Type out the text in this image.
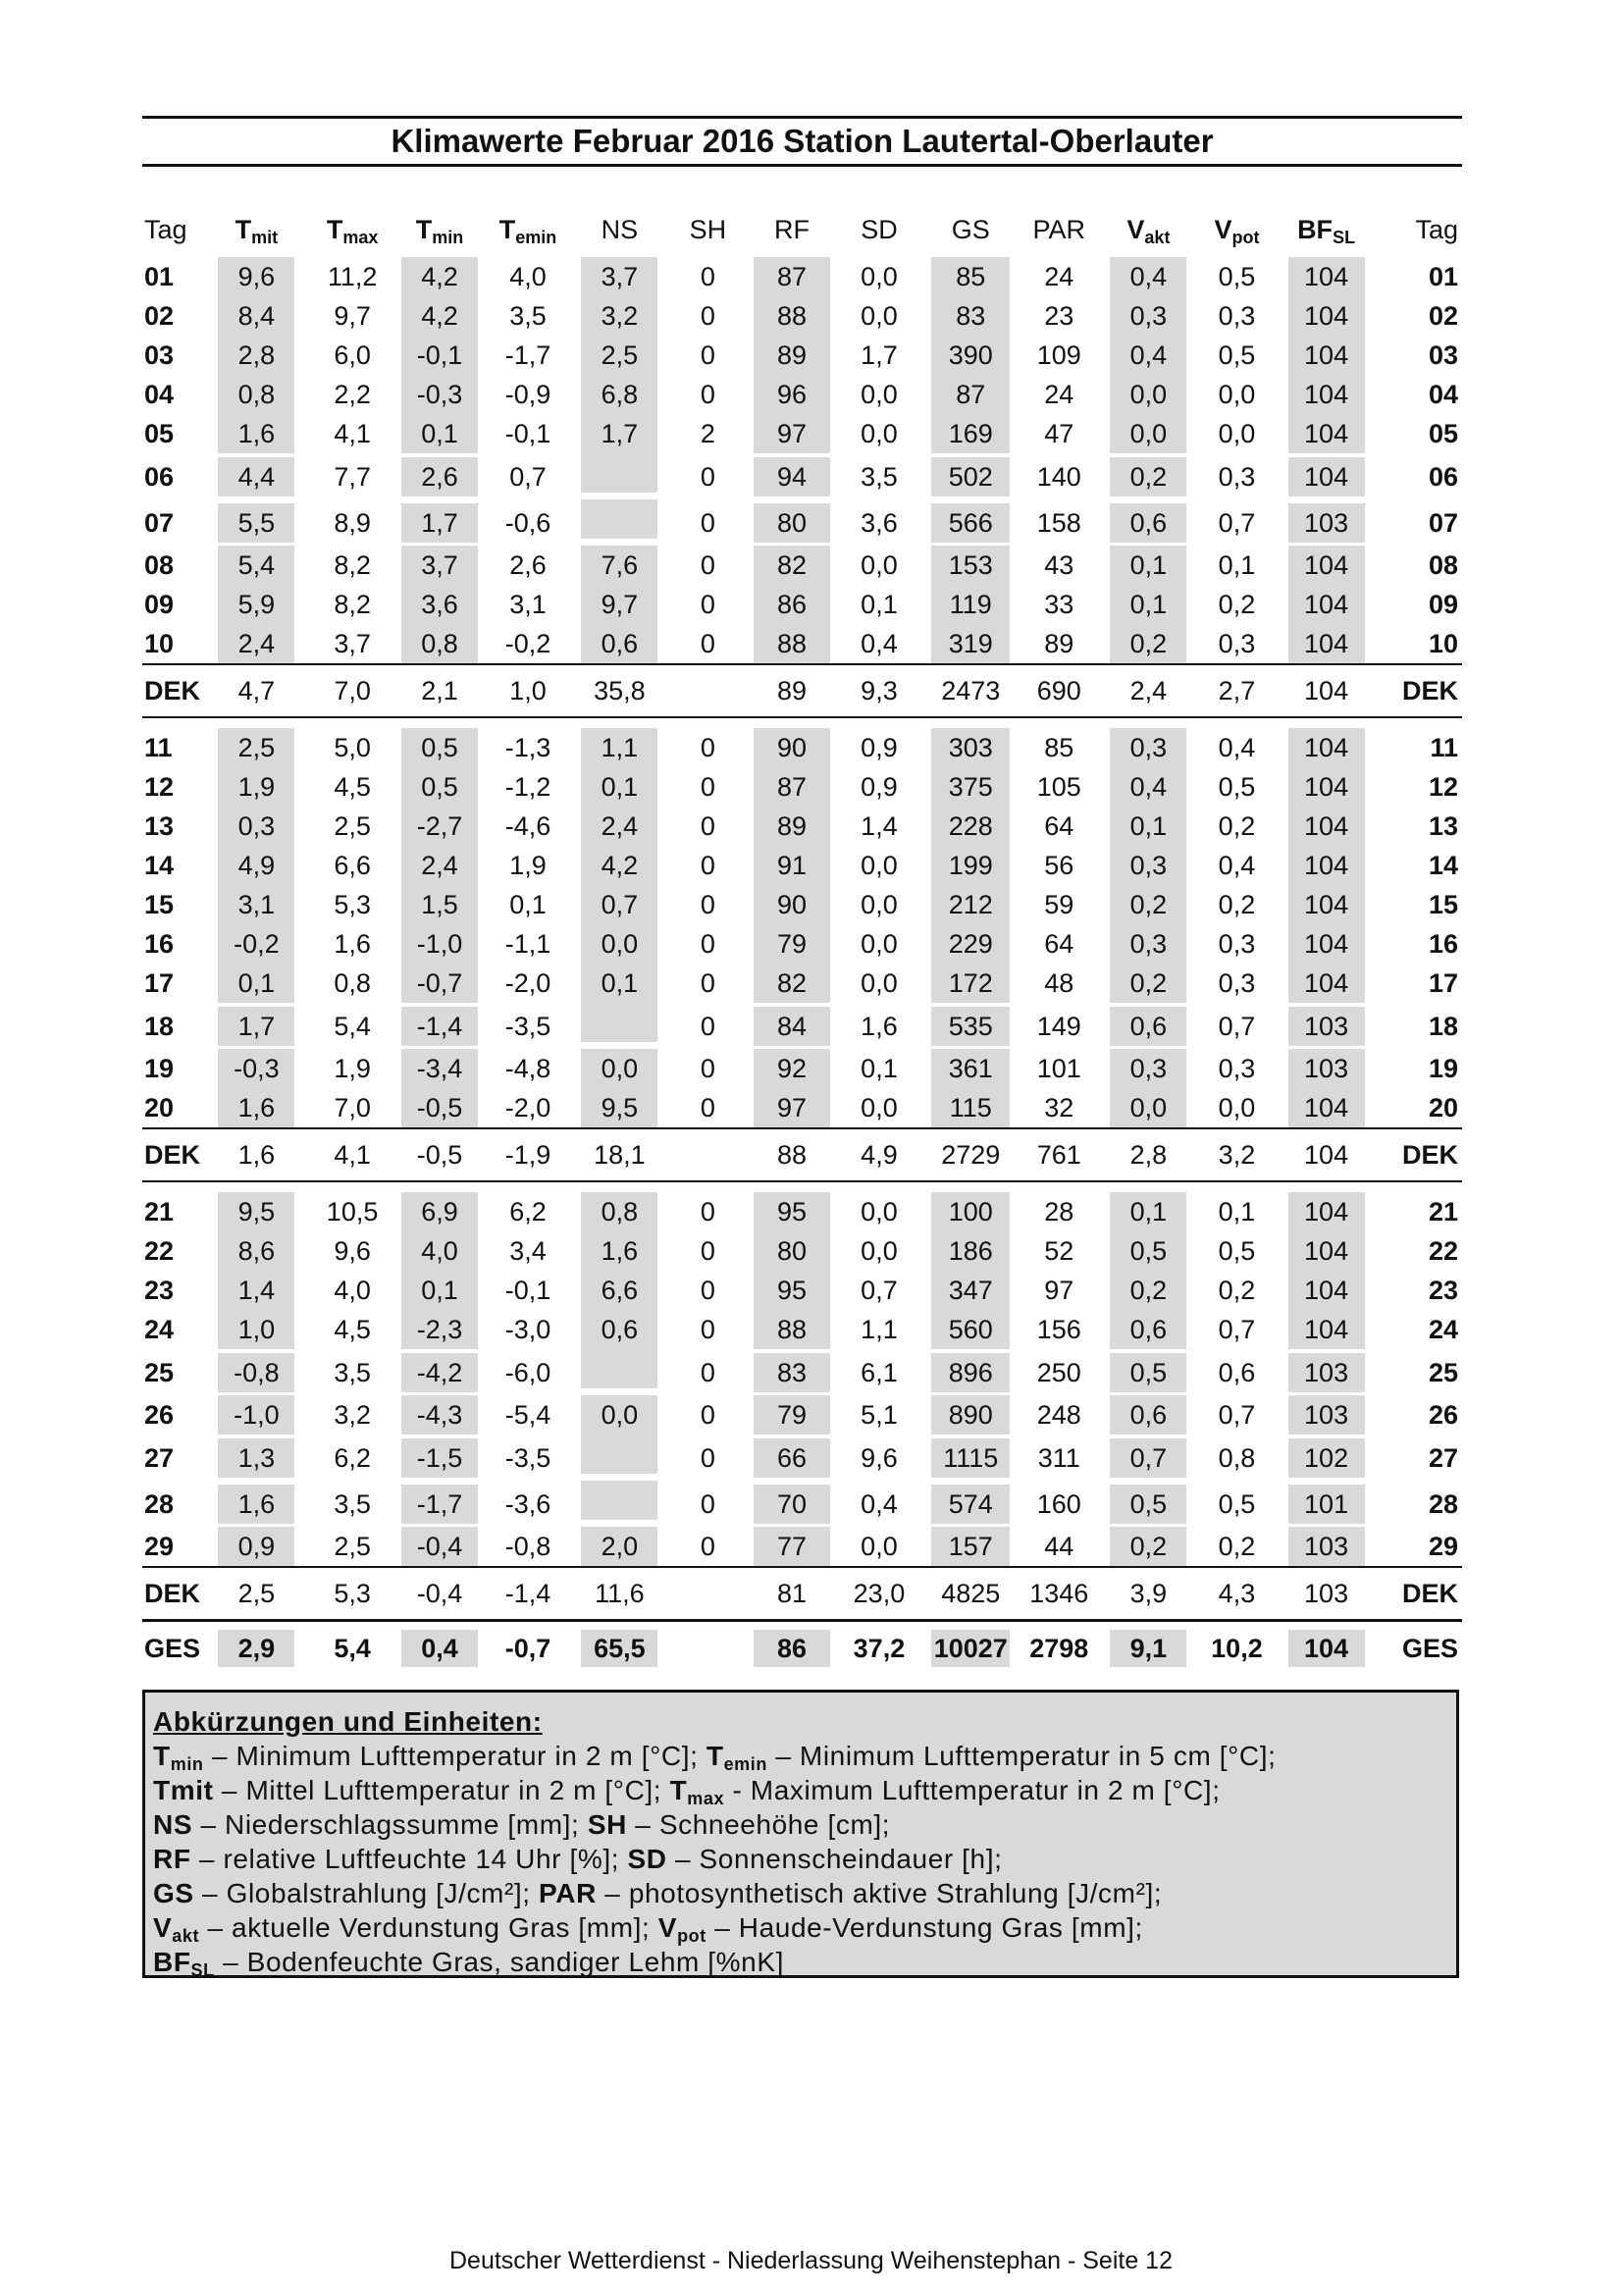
Klimawerte Februar 2016 Station Lautertal-Oberlauter
Tag	$T_{mit}$	$T_{max}$	$T_{min}$	$T_{emin}$	NS	SH	RF	SD	GS	PAR	$V_{akt}$	$V_{pot}$	$BF_{SL}$	Tag
01	9,6	11,2	4,2	4,0	3,7	0	87	0,0	85	24	0,4	0,5	104	01
02	8,4	9,7	4,2	3,5	3,2	0	88	0,0	83	23	0,3	0,3	104	02
03	2,8	6,0	-0,1	-1,7	2,5	0	89	1,7	390	109	0,4	0,5	104	03
04	0,8	2,2	-0,3	-0,9	6,8	0	96	0,0	87	24	0,0	0,0	104	04
05	1,6	4,1	0,1	-0,1	1,7	2	97	0,0	169	47	0,0	0,0	104	05
06	4,4	7,7	2,6	0,7		0	94	3,5	502	140	0,2	0,3	104	06
07	5,5	8,9	1,7	-0,6		0	80	3,6	566	158	0,6	0,7	103	07
08	5,4	8,2	3,7	2,6	7,6	0	82	0,0	153	43	0,1	0,1	104	08
09	5,9	8,2	3,6	3,1	9,7	0	86	0,1	119	33	0,1	0,2	104	09
10	2,4	3,7	0,8	-0,2	0,6	0	88	0,4	319	89	0,2	0,3	104	10
DEK	4,7	7,0	2,1	1,0	35,8		89	9,3	2473	690	2,4	2,7	104	DEK
11	2,5	5,0	0,5	-1,3	1,1	0	90	0,9	303	85	0,3	0,4	104	11
12	1,9	4,5	0,5	-1,2	0,1	0	87	0,9	375	105	0,4	0,5	104	12
13	0,3	2,5	-2,7	-4,6	2,4	0	89	1,4	228	64	0,1	0,2	104	13
14	4,9	6,6	2,4	1,9	4,2	0	91	0,0	199	56	0,3	0,4	104	14
15	3,1	5,3	1,5	0,1	0,7	0	90	0,0	212	59	0,2	0,2	104	15
16	-0,2	1,6	-1,0	-1,1	0,0	0	79	0,0	229	64	0,3	0,3	104	16
17	0,1	0,8	-0,7	-2,0	0,1	0	82	0,0	172	48	0,2	0,3	104	17
18	1,7	5,4	-1,4	-3,5		0	84	1,6	535	149	0,6	0,7	103	18
19	-0,3	1,9	-3,4	-4,8	0,0	0	92	0,1	361	101	0,3	0,3	103	19
20	1,6	7,0	-0,5	-2,0	9,5	0	97	0,0	115	32	0,0	0,0	104	20
DEK	1,6	4,1	-0,5	-1,9	18,1		88	4,9	2729	761	2,8	3,2	104	DEK
21	9,5	10,5	6,9	6,2	0,8	0	95	0,0	100	28	0,1	0,1	104	21
22	8,6	9,6	4,0	3,4	1,6	0	80	0,0	186	52	0,5	0,5	104	22
23	1,4	4,0	0,1	-0,1	6,6	0	95	0,7	347	97	0,2	0,2	104	23
24	1,0	4,5	-2,3	-3,0	0,6	0	88	1,1	560	156	0,6	0,7	104	24
25	-0,8	3,5	-4,2	-6,0		0	83	6,1	896	250	0,5	0,6	103	25
26	-1,0	3,2	-4,3	-5,4	0,0	0	79	5,1	890	248	0,6	0,7	103	26
27	1,3	6,2	-1,5	-3,5		0	66	9,6	1115	311	0,7	0,8	102	27
28	1,6	3,5	-1,7	-3,6		0	70	0,4	574	160	0,5	0,5	101	28
29	0,9	2,5	-0,4	-0,8	2,0	0	77	0,0	157	44	0,2	0,2	103	29
DEK	2,5	5,3	-0,4	-1,4	11,6		81	23,0	4825	1346	3,9	4,3	103	DEK
GES	2,9	5,4	0,4	-0,7	65,5		86	37,2	10027	2798	9,1	10,2	104	GES

Abkürzungen und Einheiten:

$T_{min}$ – Minimum Lufttemperatur in 2 m [°C]; $T_{emin}$ – Minimum Lufttemperatur in 5 cm [°C];

Tmit – Mittel Lufttemperatur in 2 m [°C]; $T_{max}$ - Maximum Lufttemperatur in 2 m [°C];

NS – Niederschlagssumme [mm]; SH – Schneehöhe [cm];

RF – relative Luftfeuchte 14 Uhr [%]; SD – Sonnenscheindauer [h];

GS – Globalstrahlung [J/cm²]; PAR – photosynthetisch aktive Strahlung [J/cm²];

$V_{akt}$ – aktuelle Verdunstung Gras [mm]; $V_{pot}$ – Haude-Verdunstung Gras [mm];

$BF_{SL}$ – Bodenfeuchte Gras, sandiger Lehm [%nK]

Deutscher Wetterdienst - Niederlassung Weihenstephan - Seite 12
